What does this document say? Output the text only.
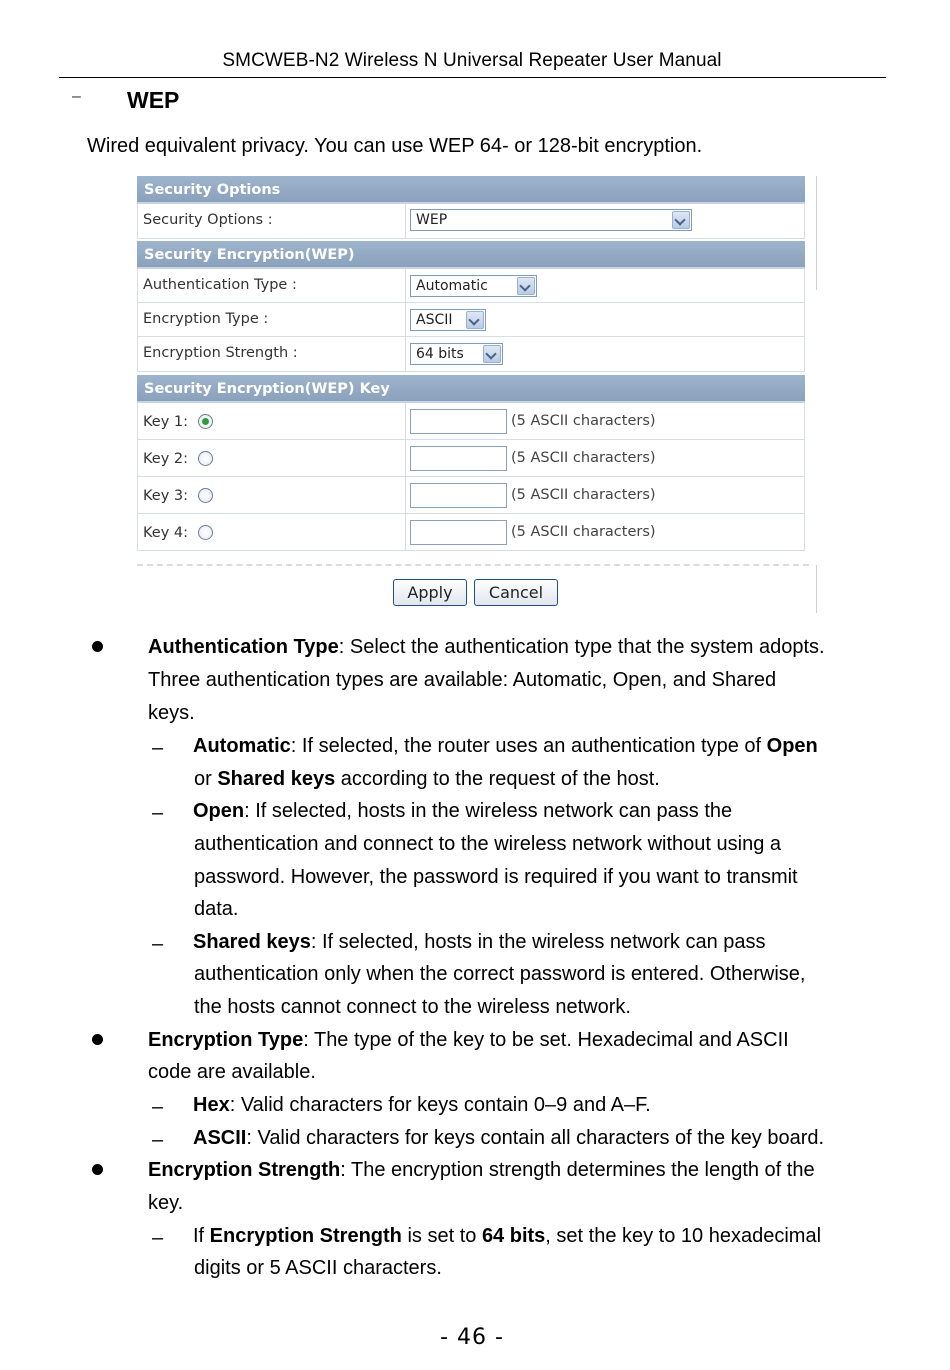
SMCWEB-N2 Wireless N Universal Repeater User Manual
– WEP
Wired equivalent privacy. You can use WEP 64- or 128-bit encryption.
Security Options
Security Options :	WEP
Security Encryption(WEP)
Authentication Type :	Automatic
Encryption Type :	ASCII
Encryption Strength :	64 bits
Security Encryption(WEP) Key
Key 1:	(5 ASCII characters)
Key 2:	(5 ASCII characters)
Key 3:	(5 ASCII characters)
Key 4:	(5 ASCII characters)
Apply	Cancel
Authentication Type: Select the authentication type that the system adopts.
Three authentication types are available: Automatic, Open, and Shared
keys.
– Automatic: If selected, the router uses an authentication type of Open
or Shared keys according to the request of the host.
– Open: If selected, hosts in the wireless network can pass the
authentication and connect to the wireless network without using a
password. However, the password is required if you want to transmit
data.
– Shared keys: If selected, hosts in the wireless network can pass
authentication only when the correct password is entered. Otherwise,
the hosts cannot connect to the wireless network.
Encryption Type: The type of the key to be set. Hexadecimal and ASCII
code are available.
– Hex: Valid characters for keys contain 0–9 and A–F.
– ASCII: Valid characters for keys contain all characters of the key board.
Encryption Strength: The encryption strength determines the length of the
key.
– If Encryption Strength is set to 64 bits, set the key to 10 hexadecimal
digits or 5 ASCII characters.
- 46 -
